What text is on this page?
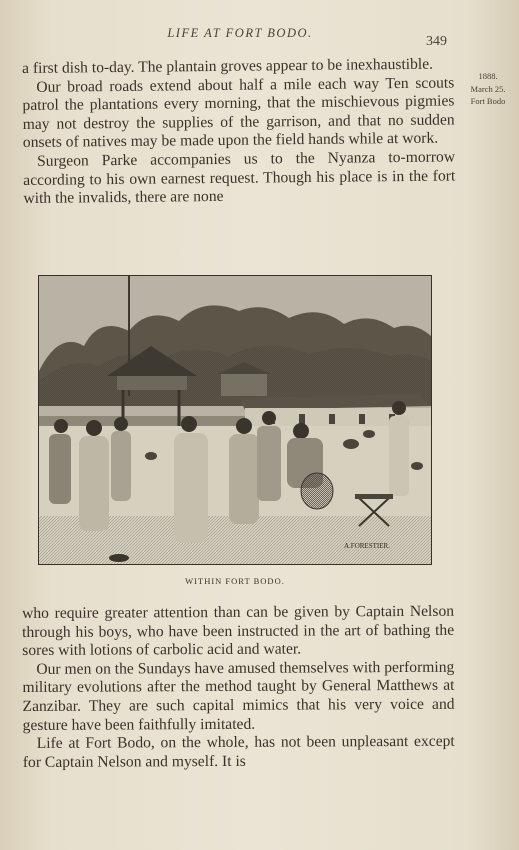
LIFE AT FORT BODO.
349
1888.
March 25.
Fort Bodo

a first dish to-day. The plantain groves appear to be inexhaustible.

Our broad roads extend about half a mile each way Ten scouts patrol the plantations every morning, that the mischievous pigmies may not destroy the supplies of the garrison, and that no sudden onsets of natives may be made upon the field hands while at work.

Surgeon Parke accompanies us to the Nyanza to-morrow according to his own earnest request. Though his place is in the fort with the invalids, there are none

A.FORESTIER.
WITHIN FORT BODO.

who require greater attention than can be given by Captain Nelson through his boys, who have been instructed in the art of bathing the sores with lotions of carbolic acid and water.

Our men on the Sundays have amused themselves with performing military evolutions after the method taught by General Matthews at Zanzibar. They are such capital mimics that his very voice and gesture have been faithfully imitated.

Life at Fort Bodo, on the whole, has not been unpleasant except for Captain Nelson and myself. It is
